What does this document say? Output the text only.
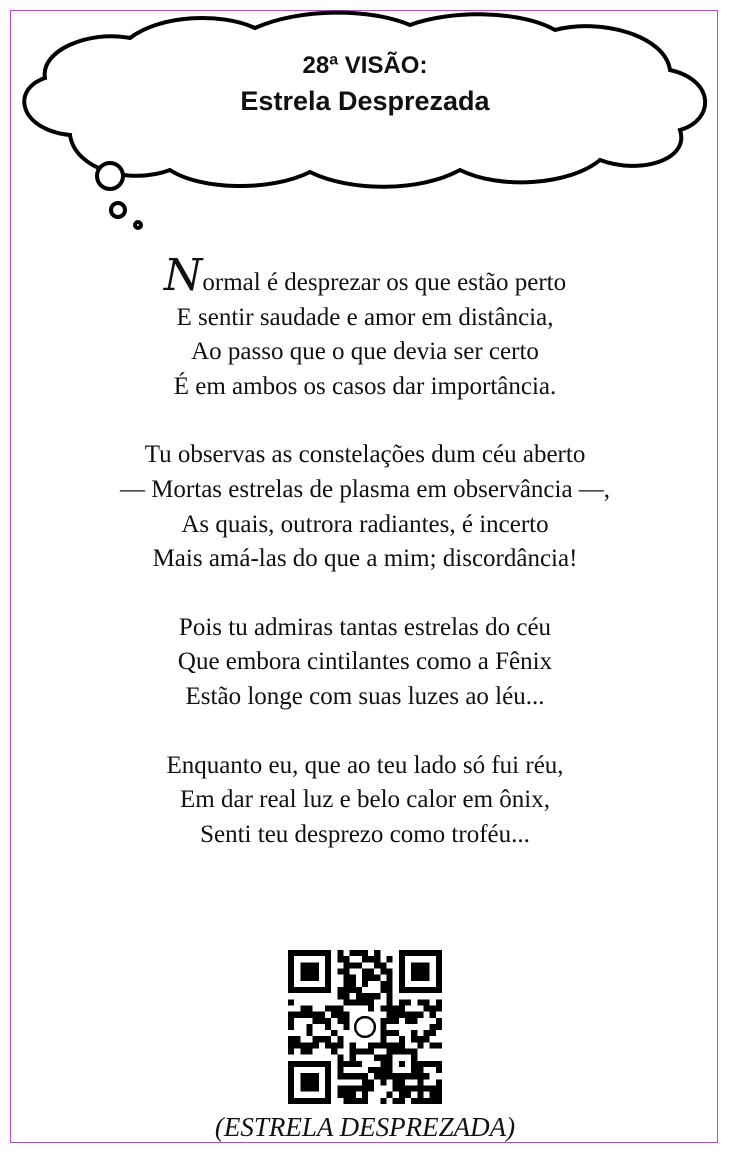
28ª VISÃO:
Estrela Desprezada
Normal é desprezar os que estão perto
E sentir saudade e amor em distância,
Ao passo que o que devia ser certo
É em ambos os casos dar importância.
Tu observas as constelações dum céu aberto
— Mortas estrelas de plasma em observância —,
As quais, outrora radiantes, é incerto
Mais amá-las do que a mim; discordância!
Pois tu admiras tantas estrelas do céu
Que embora cintilantes como a Fênix
Estão longe com suas luzes ao léu...
Enquanto eu, que ao teu lado só fui réu,
Em dar real luz e belo calor em ônix,
Senti teu desprezo como troféu...
(ESTRELA DESPREZADA)
